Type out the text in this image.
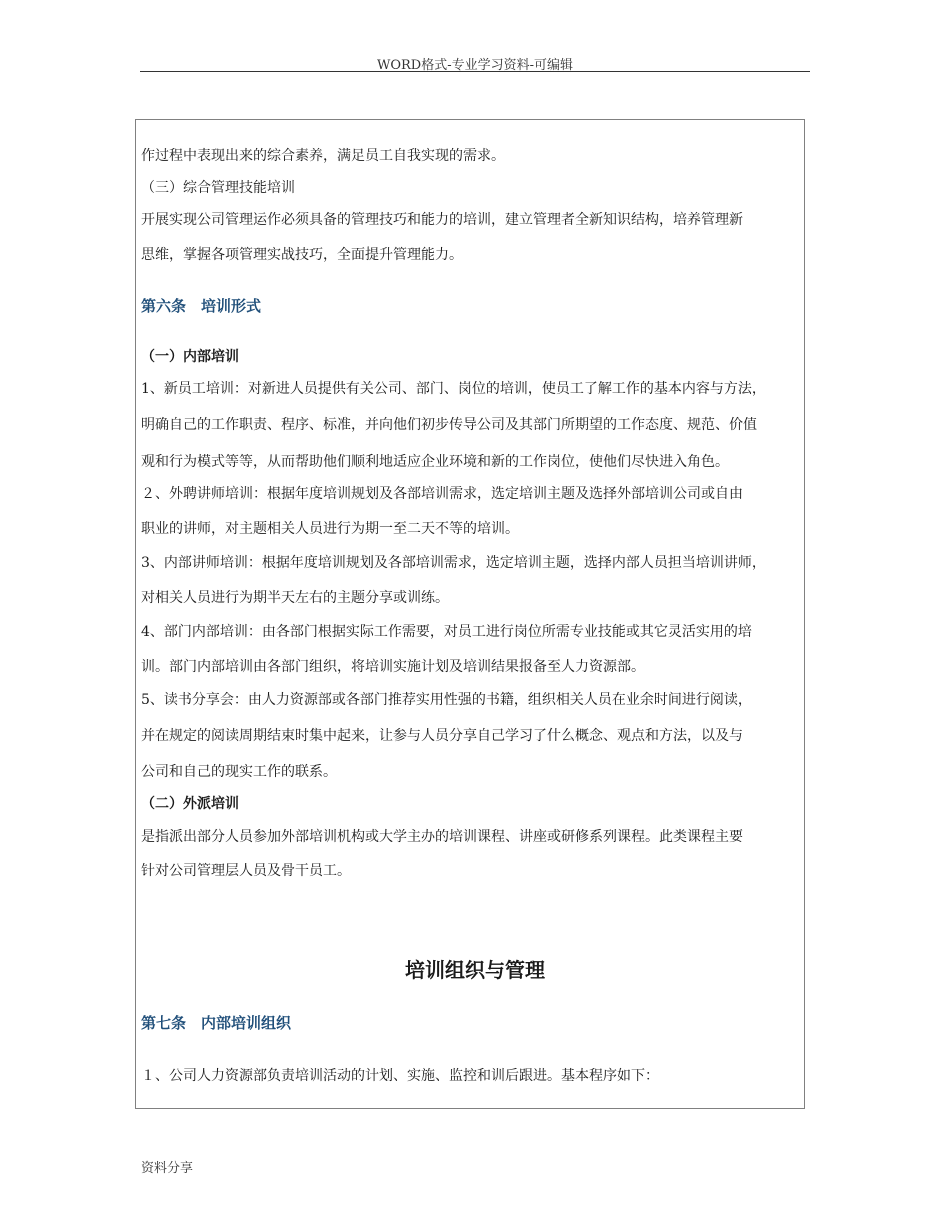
WORD格式-专业学习资料-可编辑
作过程中表现出来的综合素养，满足员工自我实现的需求。
（三）综合管理技能培训
开展实现公司管理运作必须具备的管理技巧和能力的培训，建立管理者全新知识结构，培养管理新
思维，掌握各项管理实战技巧，全面提升管理能力。
第六条　培训形式
（一）内部培训
1、新员工培训：对新进人员提供有关公司、部门、岗位的培训，使员工了解工作的基本内容与方法，
明确自己的工作职责、程序、标准，并向他们初步传导公司及其部门所期望的工作态度、规范、价值
观和行为模式等等，从而帮助他们顺利地适应企业环境和新的工作岗位，使他们尽快进入角色。
２、外聘讲师培训：根据年度培训规划及各部培训需求，选定培训主题及选择外部培训公司或自由
职业的讲师，对主题相关人员进行为期一至二天不等的培训。
3、内部讲师培训：根据年度培训规划及各部培训需求，选定培训主题，选择内部人员担当培训讲师，
对相关人员进行为期半天左右的主题分享或训练。
4、部门内部培训：由各部门根据实际工作需要，对员工进行岗位所需专业技能或其它灵活实用的培
训。部门内部培训由各部门组织，将培训实施计划及培训结果报备至人力资源部。
5、读书分享会：由人力资源部或各部门推荐实用性强的书籍，组织相关人员在业余时间进行阅读，
并在规定的阅读周期结束时集中起来，让参与人员分享自己学习了什么概念、观点和方法，以及与
公司和自己的现实工作的联系。
（二）外派培训
是指派出部分人员参加外部培训机构或大学主办的培训课程、讲座或研修系列课程。此类课程主要
针对公司管理层人员及骨干员工。
培训组织与管理
第七条　内部培训组织
１、公司人力资源部负责培训活动的计划、实施、监控和训后跟进。基本程序如下：
资料分享
